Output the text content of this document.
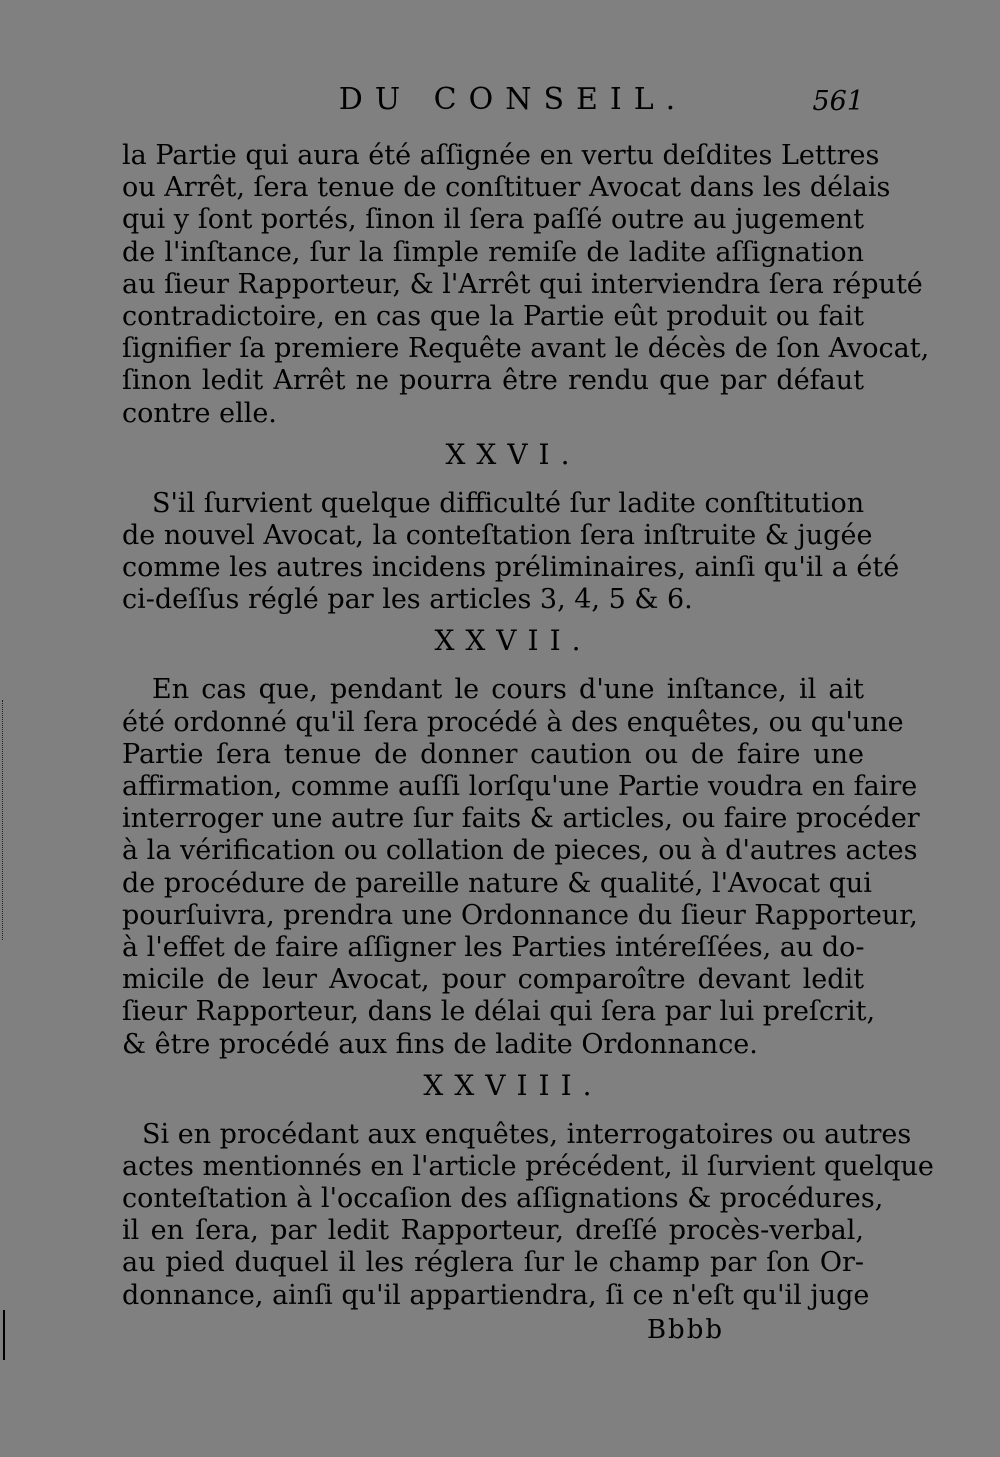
DU CONSEIL.	561
la Partie qui aura été aſſignée en vertu deſdites Lettres
ou Arrêt, ſera tenue de conſtituer Avocat dans les délais
qui y ſont portés, ſinon il ſera paſſé outre au jugement
de l'inſtance, ſur la ſimple remiſe de ladite aſſignation
au ſieur Rapporteur, & l'Arrêt qui interviendra ſera réputé
contradictoire, en cas que la Partie eût produit ou fait
ſignifier ſa premiere Requête avant le décès de ſon Avocat,
ſinon ledit Arrêt ne pourra être rendu que par défaut
contre elle.
XXVI.
S'il ſurvient quelque difficulté ſur ladite conſtitution
de nouvel Avocat, la conteſtation ſera inſtruite & jugée
comme les autres incidens préliminaires, ainſi qu'il a été
ci-deſſus réglé par les articles 3, 4, 5 & 6.
XXVII.
En cas que, pendant le cours d'une inſtance, il ait
été ordonné qu'il ſera procédé à des enquêtes, ou qu'une
Partie ſera tenue de donner caution ou de faire une
affirmation, comme auſſi lorſqu'une Partie voudra en faire
interroger une autre ſur faits & articles, ou faire procéder
à la vérification ou collation de pieces, ou à d'autres actes
de procédure de pareille nature & qualité, l'Avocat qui
pourſuivra, prendra une Ordonnance du ſieur Rapporteur,
à l'effet de faire aſſigner les Parties intéreſſées, au do-
micile de leur Avocat, pour comparoître devant ledit
ſieur Rapporteur, dans le délai qui ſera par lui preſcrit,
& être procédé aux fins de ladite Ordonnance.
XXVIII.
Si en procédant aux enquêtes, interrogatoires ou autres
actes mentionnés en l'article précédent, il ſurvient quelque
conteſtation à l'occaſion des aſſignations & procédures,
il en ſera, par ledit Rapporteur, dreſſé procès-verbal,
au pied duquel il les réglera ſur le champ par ſon Or-
donnance, ainſi qu'il appartiendra, ſi ce n'eſt qu'il juge
Bbbb
